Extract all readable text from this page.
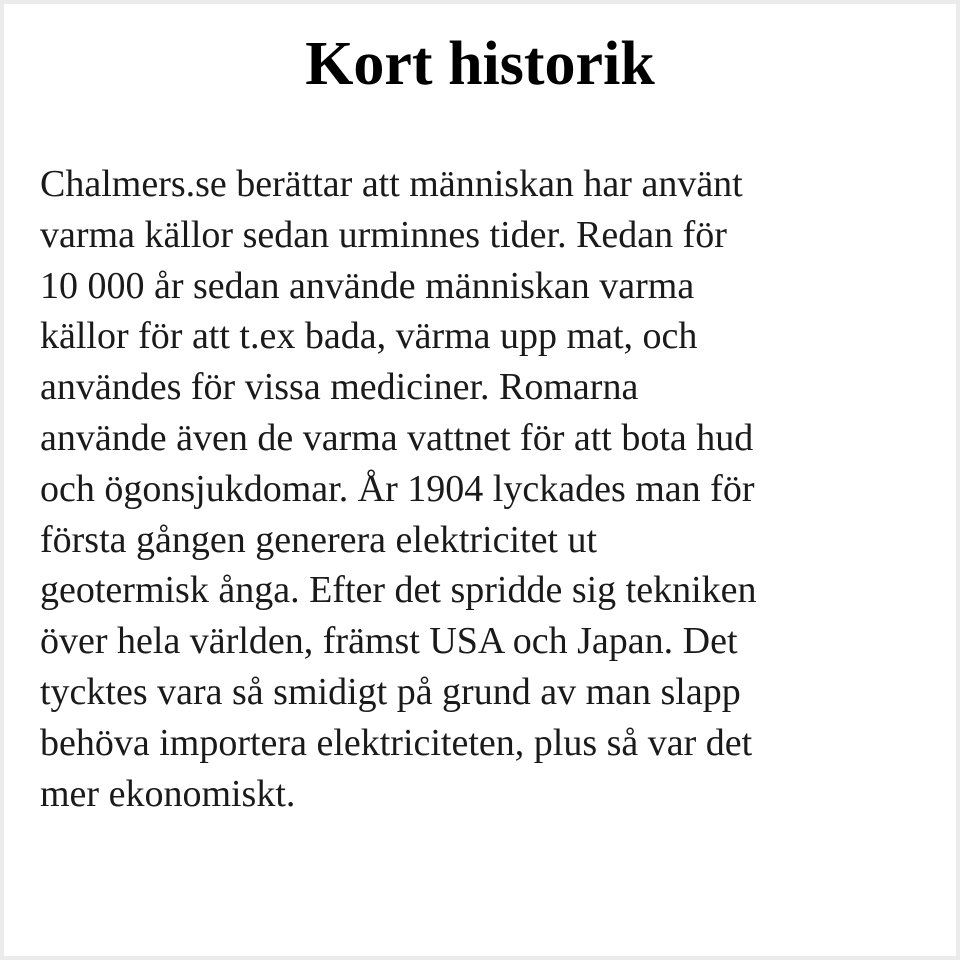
Kort historik

Chalmers.se berättar att människan har använt
varma källor sedan urminnes tider. Redan för
10 000 år sedan använde människan varma
källor för att t.ex bada, värma upp mat, och
användes för vissa mediciner. Romarna
använde även de varma vattnet för att bota hud
och ögonsjukdomar. År 1904 lyckades man för
första gången generera elektricitet ut
geotermisk ånga. Efter det spridde sig tekniken
över hela världen, främst USA och Japan. Det
tycktes vara så smidigt på grund av man slapp
behöva importera elektriciteten, plus så var det
mer ekonomiskt.
